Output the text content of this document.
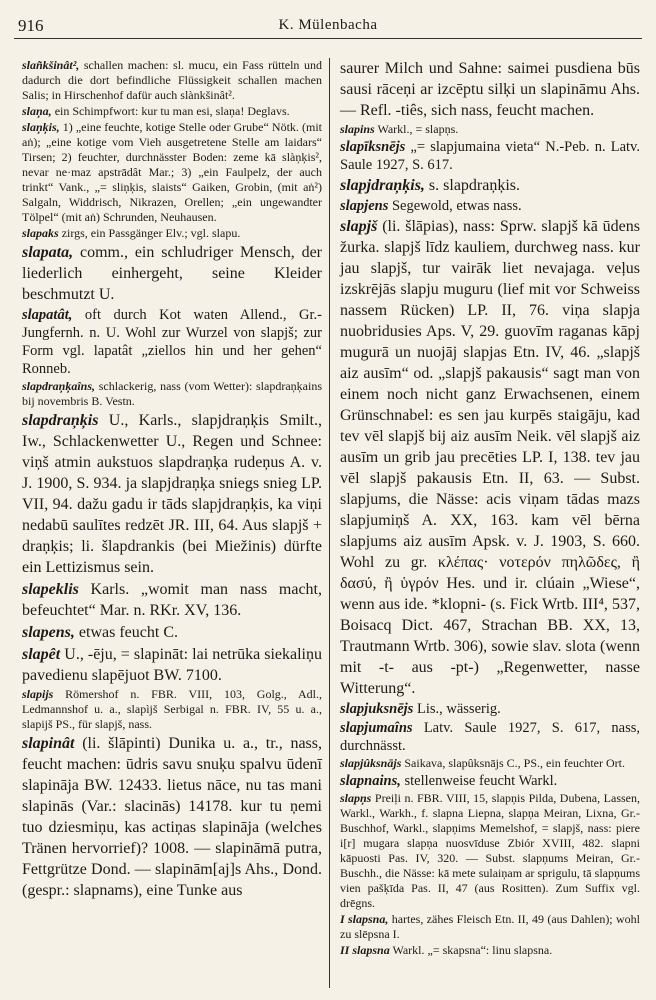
916	K. Mülenbacha

slañkšinât², schallen machen: sl. mucu, ein Fass rütteln und dadurch die dort befindliche Flüssigkeit schallen machen Salis; in Hirschenhof dafür auch slànkšinât².

slaņa, ein Schimpfwort: kur tu man esi, slaņa! Deglavs.

slaņķis, 1) „eine feuchte, kotige Stelle oder Grube“ Nötk. (mit aṅ); „eine kotige vom Vieh ausgetretene Stelle am laidars“ Tirsen; 2) feuchter, durchnässter Boden: zeme kā slàņķis², nevar ne·maz apstrādât Mar.; 3) „ein Faulpelz, der auch trinkt“ Vank., „= sliņķis, slaists“ Gaiken, Grobin, (mit aṅ²) Salgaln, Widdrisch, Nikrazen, Orellen; „ein ungewandter Tölpel“ (mit aṅ) Schrunden, Neuhausen.

slapaks zirgs, ein Passgänger Elv.; vgl. slapu.

slapata, comm., ein schludriger Mensch, der liederlich einhergeht, seine Kleider beschmutzt U.

slapatât, oft durch Kot waten Allend., Gr.-Jungfernh. n. U. Wohl zur Wurzel von slapjš; zur Form vgl. lapatât „ziellos hin und her gehen“ Ronneb.

slapdraņķaîns, schlackerig, nass (vom Wetter): slapdraņķains bij novembris B. Vestn.

slapdraņķis U., Karls., slapjdraņķis Smilt., Iw., Schlackenwetter U., Regen und Schnee: viņš atmin aukstuos slapdraņķa rudeņus A. v. J. 1900, S. 934. ja slapjdraņķa sniegs snieg LP. VII, 94. dažu gadu ir tāds slapjdraņķis, ka viņi nedabū saulītes redzēt JR. III, 64. Aus slapjš + draņķis; li. šlapdrankis (bei Miežinis) dürfte ein Lettizismus sein.

slapeklis Karls. „womit man nass macht, befeuchtet“ Mar. n. RKr. XV, 136.

slapens, etwas feucht C.

slapêt U., -ēju, = slapināt: lai netrūka siekaliņu pavedienu slapējuot BW. 7100.

slapijs Römershof n. FBR. VIII, 103, Golg., Adl., Ledmannshof u. a., slapìjš Serbigal n. FBR. IV, 55 u. a., slapijš PS., für slapjš, nass.

slapinât (li. šlāpinti) Dunika u. a., tr., nass, feucht machen: ūdris savu snuķu spalvu ūdenī slapināja BW. 12433. lietus nāce, nu tas mani slapinās (Var.: slacinās) 14178. kur tu ņemi tuo dziesmiņu, kas actiņas slapināja (welches Tränen hervorrief)? 1008. — slapināmā putra, Fettgrütze Dond. — slapinām[aj]s Ahs., Dond. (gespr.: slapnams), eine Tunke aus

saurer Milch und Sahne: saimei pusdiena būs sausi rāceņi ar izcēptu silķi un slapināmu Ahs. — Refl. -tiês, sich nass, feucht machen.

slapins Warkl., = slapņs.

slapīksnējs „= slapjumaina vieta“ N.-Peb. n. Latv. Saule 1927, S. 617.

slapjdraņķis, s. slapdraņķis.

slapjens Segewold, etwas nass.

slapjš (li. šlāpias), nass: Sprw. slapjš kā ūdens žurka. slapjš līdz kauliem, durchweg nass. kur jau slapjš, tur vairāk liet nevajaga. veļus izskrējās slapju muguru (lief mit vor Schweiss nassem Rücken) LP. II, 76. viņa slapja nuobridusies Aps. V, 29. guovīm raganas kāpj mugurā un nuojāj slapjas Etn. IV, 46. „slapjš aiz ausīm“ od. „slapjš pakausis“ sagt man von einem noch nicht ganz Erwachsenen, einem Grünschnabel: es sen jau kurpēs staigāju, kad tev vēl slapjš bij aiz ausīm Neik. vēl slapjš aiz ausīm un grib jau precēties LP. I, 138. tev jau vēl slapjš pakausis Etn. II, 63. — Subst. slapjums, die Nässe: acis viņam tādas mazs slapjumiņš A. XX, 163. kam vēl bērna slapjums aiz ausīm Apsk. v. J. 1903, S. 660. Wohl zu gr. κλέπας· νοτερόν πηλῶδες, ἢ δασύ, ἢ ὑγρόν Hes. und ir. clúain „Wiese“, wenn aus ide. *klopni- (s. Fick Wrtb. III⁴, 537, Boisacq Dict. 467, Strachan BB. XX, 13, Trautmann Wrtb. 306), sowie slav. slota (wenn mit -t- aus -pt-) „Regenwetter, nasse Witterung“.

slapjuksnējs Lis., wässerig.

slapjumaîns Latv. Saule 1927, S. 617, nass, durchnässt.

slapjûksnājs Saikava, slapûksnājs C., PS., ein feuchter Ort.

slapnains, stellenweise feucht Warkl.

slapņs Preiļi n. FBR. VIII, 15, slapņis Pilda, Dubena, Lassen, Warkl., Warkh., f. slapna Liepna, slapņa Meiran, Lixna, Gr.-Buschhof, Warkl., slapņims Memelshof, = slapjš, nass: piere i[r] mugara slapņa nuosvīduse Zbiór XVIII, 482. slapni kāpuosti Pas. IV, 320. — Subst. slapņums Meiran, Gr.-Buschh., die Nässe: kā mete sulaiņam ar sprigulu, tā slapņums vien pašķīda Pas. II, 47 (aus Rositten). Zum Suffix vgl. drēgns.

I slapsna, hartes, zähes Fleisch Etn. II, 49 (aus Dahlen); wohl zu slēpsna I.

II slapsna Warkl. „= skapsna“: linu slapsna.
